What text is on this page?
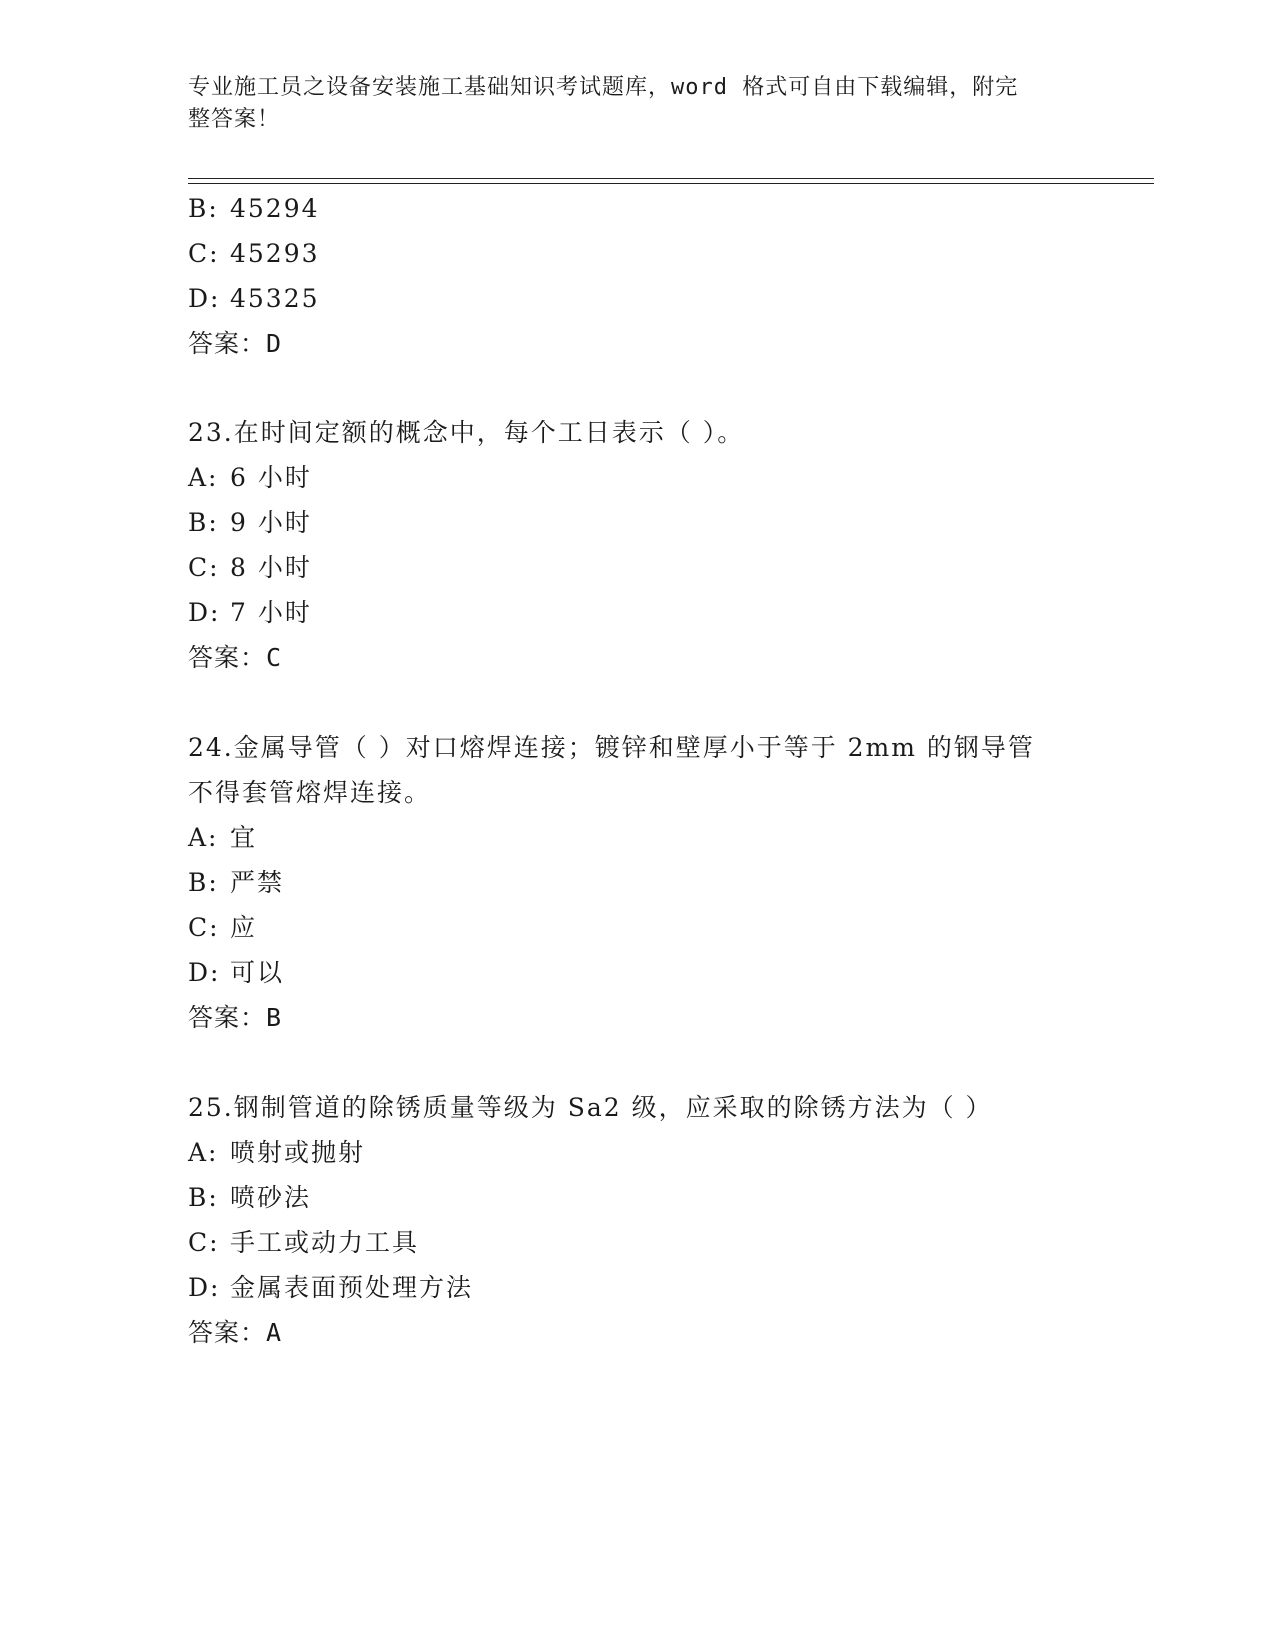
专业施工员之设备安装施工基础知识考试题库，word 格式可自由下载编辑，附完
整答案！
B: 45294
C: 45293
D: 45325
答案：D
23.在时间定额的概念中，每个工日表示（ ）。
A: 6 小时
B: 9 小时
C: 8 小时
D: 7 小时
答案：C
24.金属导管（ ）对口熔焊连接；镀锌和壁厚小于等于 2mm 的钢导管
不得套管熔焊连接。
A: 宜
B: 严禁
C: 应
D: 可以
答案：B
25.钢制管道的除锈质量等级为 Sa2 级，应采取的除锈方法为（ ）
A: 喷射或抛射
B: 喷砂法
C: 手工或动力工具
D: 金属表面预处理方法
答案：A
